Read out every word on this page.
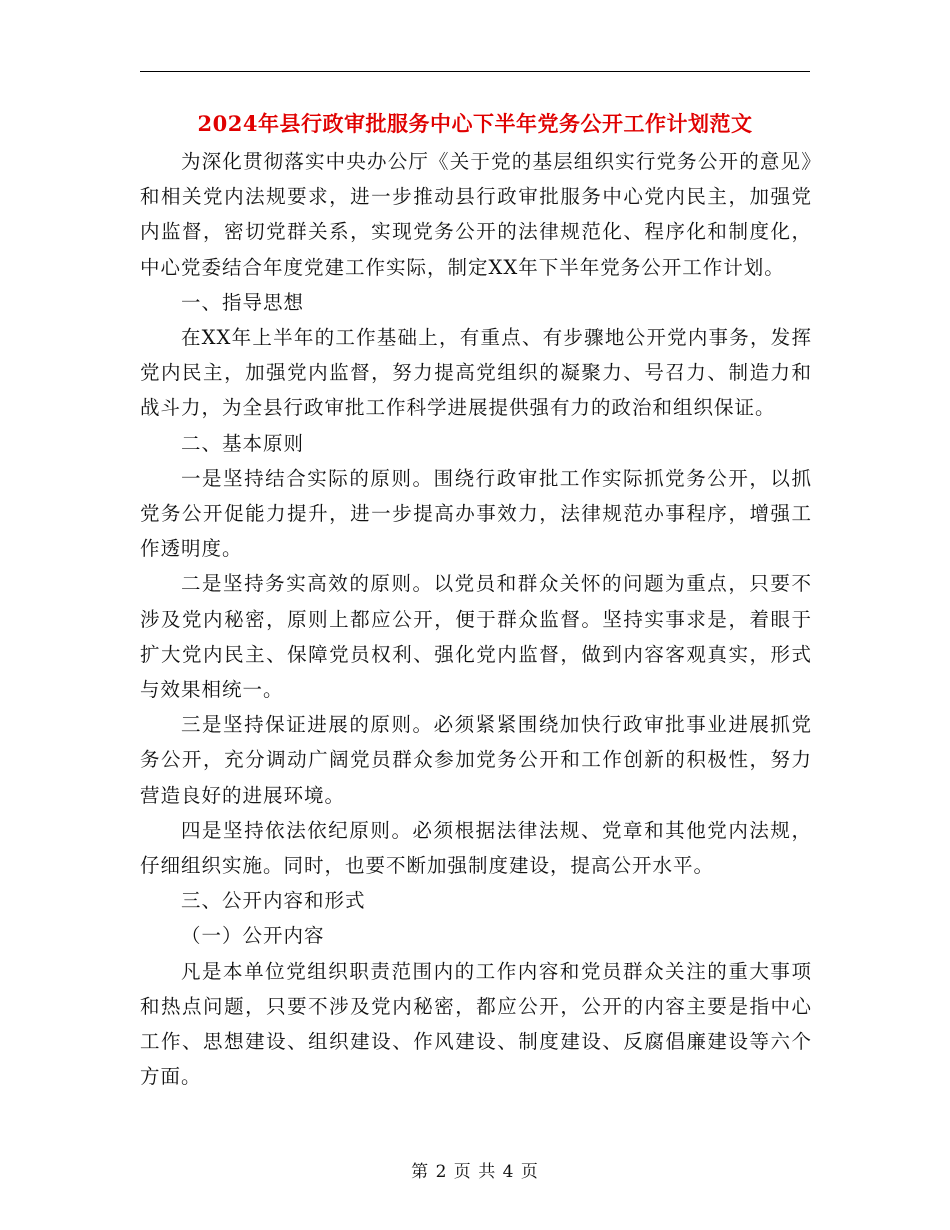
2024年县行政审批服务中心下半年党务公开工作计划范文

为深化贯彻落实中央办公厅《关于党的基层组织实行党务公开的意见》和相关党内法规要求，进一步推动县行政审批服务中心党内民主，加强党内监督，密切党群关系，实现党务公开的法律规范化、程序化和制度化，中心党委结合年度党建工作实际，制定XX年下半年党务公开工作计划。

一、指导思想

在XX年上半年的工作基础上，有重点、有步骤地公开党内事务，发挥党内民主，加强党内监督，努力提高党组织的凝聚力、号召力、制造力和战斗力，为全县行政审批工作科学进展提供强有力的政治和组织保证。

二、基本原则

一是坚持结合实际的原则。围绕行政审批工作实际抓党务公开，以抓党务公开促能力提升，进一步提高办事效力，法律规范办事程序，增强工作透明度。

二是坚持务实高效的原则。以党员和群众关怀的问题为重点，只要不涉及党内秘密，原则上都应公开，便于群众监督。坚持实事求是，着眼于扩大党内民主、保障党员权利、强化党内监督，做到内容客观真实，形式与效果相统一。

三是坚持保证进展的原则。必须紧紧围绕加快行政审批事业进展抓党务公开，充分调动广阔党员群众参加党务公开和工作创新的积极性，努力营造良好的进展环境。

四是坚持依法依纪原则。必须根据法律法规、党章和其他党内法规，仔细组织实施。同时，也要不断加强制度建设，提高公开水平。

三、公开内容和形式

（一）公开内容

凡是本单位党组织职责范围内的工作内容和党员群众关注的重大事项和热点问题，只要不涉及党内秘密，都应公开，公开的内容主要是指中心工作、思想建设、组织建设、作风建设、制度建设、反腐倡廉建设等六个方面。

第 2 页 共 4 页
